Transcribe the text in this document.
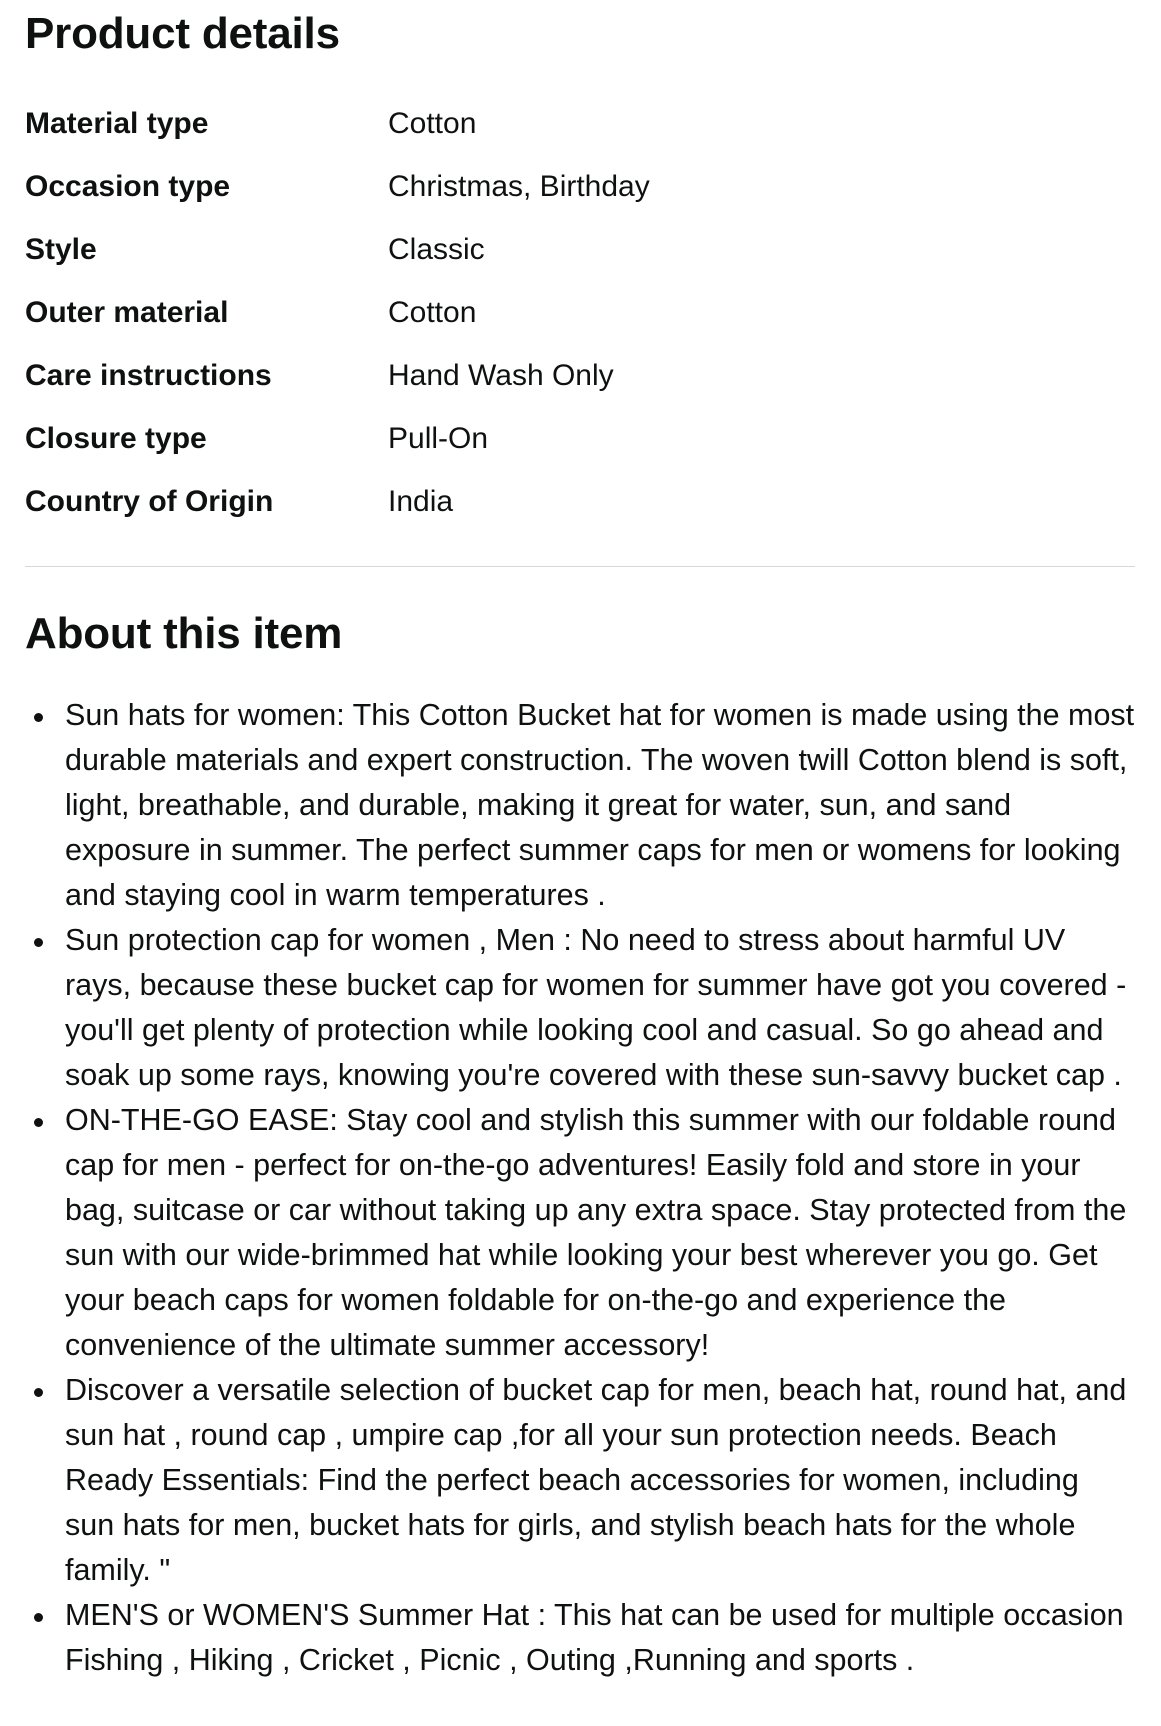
Product details
Material type	Cotton
Occasion type	Christmas, Birthday
Style	Classic
Outer material	Cotton
Care instructions	Hand Wash Only
Closure type	Pull-On
Country of Origin	India
About this item
Sun hats for women: This Cotton Bucket hat for women is made using the most durable materials and expert construction. The woven twill Cotton blend is soft, light, breathable, and durable, making it great for water, sun, and sand exposure in summer. The perfect summer caps for men or womens for looking and staying cool in warm temperatures .
Sun protection cap for women , Men : No need to stress about harmful UV rays, because these bucket cap for women for summer have got you covered - you'll get plenty of protection while looking cool and casual. So go ahead and soak up some rays, knowing you're covered with these sun-savvy bucket cap .
ON-THE-GO EASE: Stay cool and stylish this summer with our foldable round cap for men - perfect for on-the-go adventures! Easily fold and store in your bag, suitcase or car without taking up any extra space. Stay protected from the sun with our wide-brimmed hat while looking your best wherever you go. Get your beach caps for women foldable for on-the-go and experience the convenience of the ultimate summer accessory!
Discover a versatile selection of bucket cap for men, beach hat, round hat, and sun hat , round cap , umpire cap ,for all your sun protection needs. Beach Ready Essentials: Find the perfect beach accessories for women, including sun hats for men, bucket hats for girls, and stylish beach hats for the whole family. "
MEN'S or WOMEN'S Summer Hat : This hat can be used for multiple occasion Fishing , Hiking , Cricket , Picnic , Outing ,Running and sports .
